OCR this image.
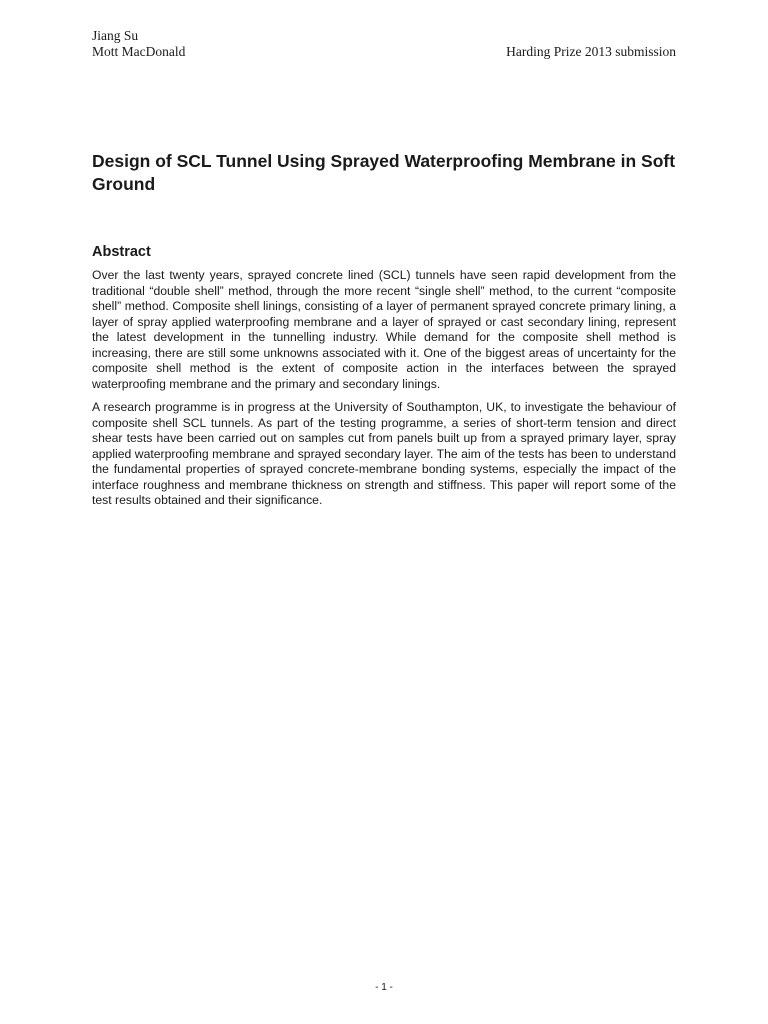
Jiang Su
Mott MacDonald	Harding Prize 2013 submission
Design of SCL Tunnel Using Sprayed Waterproofing Membrane in Soft Ground
Abstract

Over the last twenty years, sprayed concrete lined (SCL) tunnels have seen rapid development from the traditional “double shell” method, through the more recent “single shell” method, to the current “composite shell” method. Composite shell linings, consisting of a layer of permanent sprayed concrete primary lining, a layer of spray applied waterproofing membrane and a layer of sprayed or cast secondary lining, represent the latest development in the tunnelling industry. While demand for the composite shell method is increasing, there are still some unknowns associated with it. One of the biggest areas of uncertainty for the composite shell method is the extent of composite action in the interfaces between the sprayed waterproofing membrane and the primary and secondary linings.

A research programme is in progress at the University of Southampton, UK, to investigate the behaviour of composite shell SCL tunnels. As part of the testing programme, a series of short-term tension and direct shear tests have been carried out on samples cut from panels built up from a sprayed primary layer, spray applied waterproofing membrane and sprayed secondary layer. The aim of the tests has been to understand the fundamental properties of sprayed concrete-membrane bonding systems, especially the impact of the interface roughness and membrane thickness on strength and stiffness. This paper will report some of the test results obtained and their significance.

- 1 -
